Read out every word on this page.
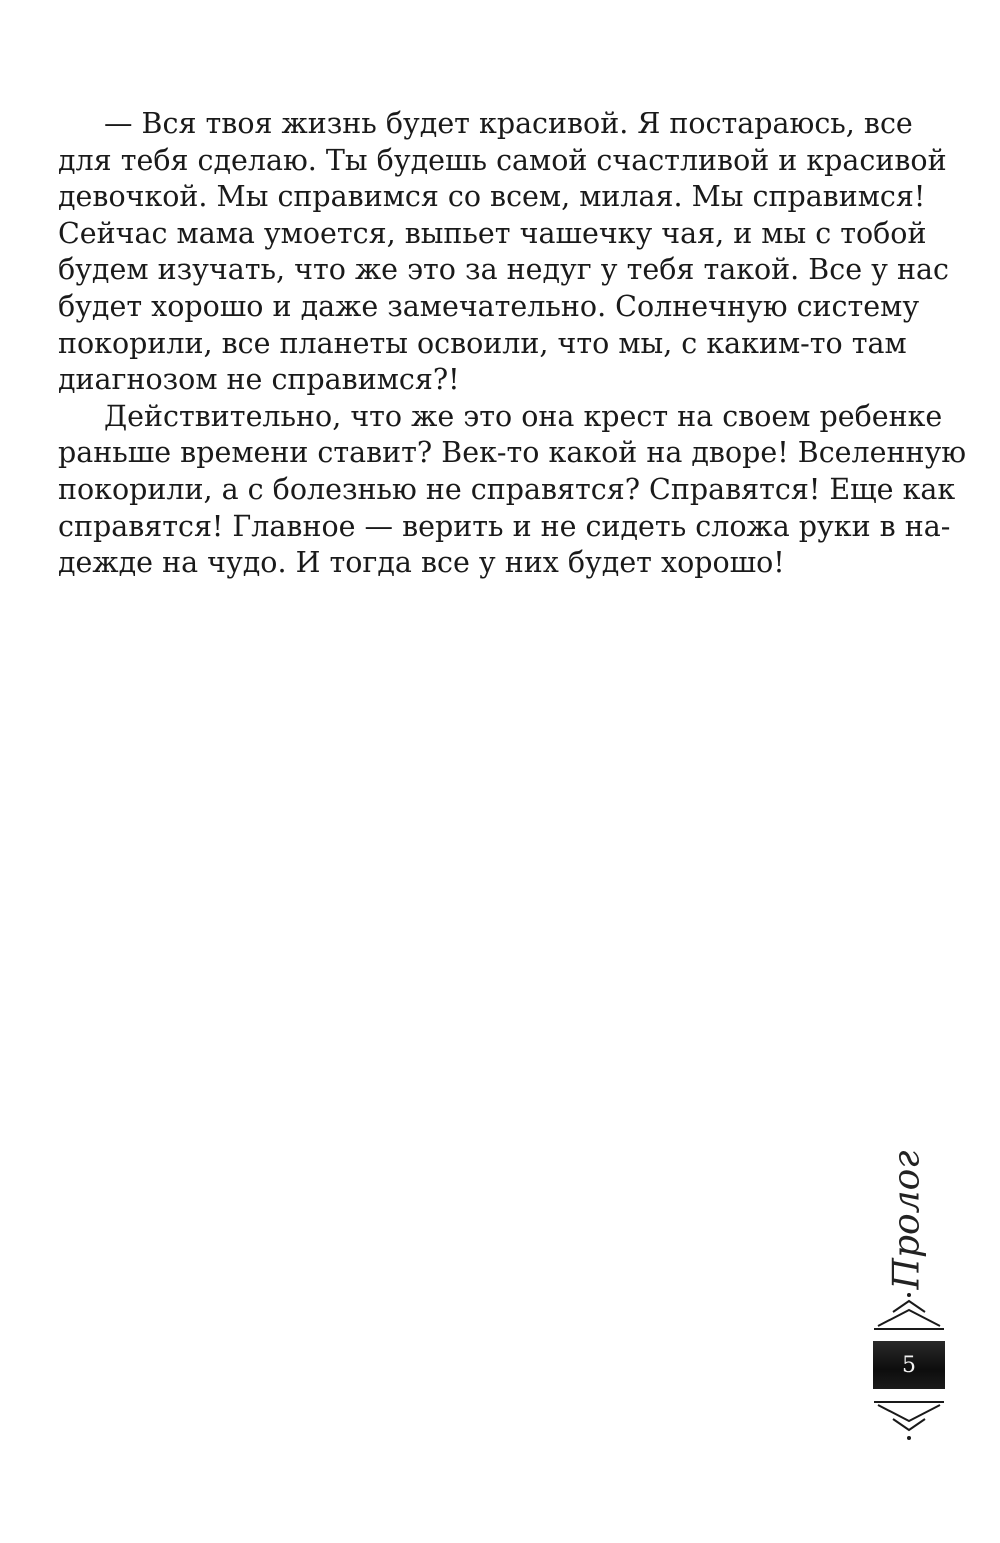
— Вся твоя жизнь будет красивой. Я постараюсь, все
для тебя сделаю. Ты будешь самой счастливой и красивой
девочкой. Мы справимся со всем, милая. Мы справимся!
Сейчас мама умоется, выпьет чашечку чая, и мы с тобой
будем изучать, что же это за недуг у тебя такой. Все у нас
будет хорошо и даже замечательно. Солнечную систему
покорили, все планеты освоили, что мы, с каким-то там
диагнозом не справимся?!
Действительно, что же это она крест на своем ребенке
раньше времени ставит? Век-то какой на дворе! Вселенную
покорили, а с болезнью не справятся? Справятся! Еще как
справятся! Главное — верить и не сидеть сложа руки в на-
дежде на чудо. И тогда все у них будет хорошо!
Пролог
5
